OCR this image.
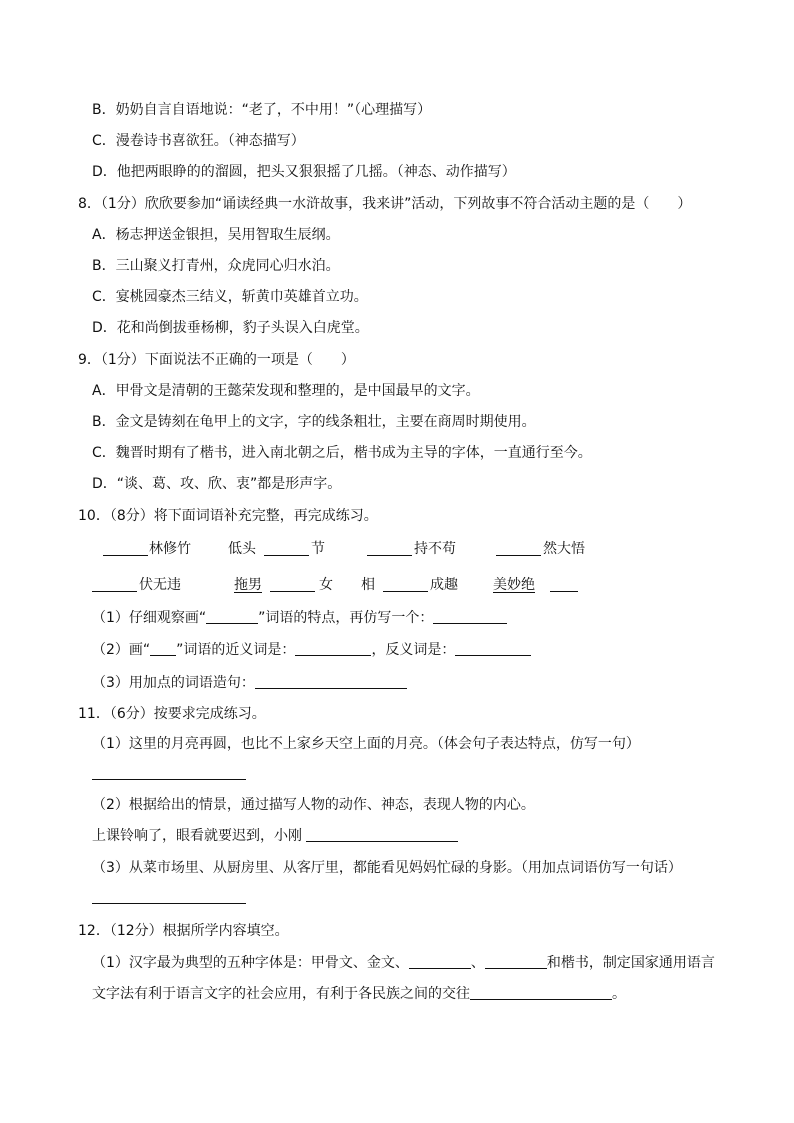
B．奶奶自言自语地说：“老了，不中用！”（心理描写）
C．漫卷诗书喜欲狂。（神态描写）
D．他把两眼睁的的溜圆，把头又狠狠摇了几摇。（神态、动作描写）
8．（1分）欣欣要参加“诵读经典一水浒故事，我来讲”活动，下列故事不符合活动主题的是（　　）
A．杨志押送金银担，吴用智取生辰纲。
B．三山聚义打青州，众虎同心归水泊。
C．宴桃园豪杰三结义，斩黄巾英雄首立功。
D．花和尚倒拔垂杨柳，豹子头误入白虎堂。
9．（1分）下面说法不正确的一项是（　　）
A．甲骨文是清朝的王懿荣发现和整理的，是中国最早的文字。
B．金文是铸刻在龟甲上的文字，字的线条粗壮，主要在商周时期使用。
C．魏晋时期有了楷书，进入南北朝之后，楷书成为主导的字体，一直通行至今。
D．“谈、葛、攻、欣、衷”都是形声字。
10．（8分）将下面词语补充完整，再完成练习。
林修竹	低头	节	持不苟	然大悟
伏无违	拖男	女 相	成趣	美妙绝
（1）仔细观察画“	”词语的特点，再仿写一个：
（2）画“ ”词语的近义词是：	，反义词是：
（3）用加点的词语造句：
11．（6分）按要求完成练习。
（1）这里的月亮再圆，也比不上家乡天空上面的月亮。（体会句子表达特点，仿写一句）
（2）根据给出的情景，通过描写人物的动作、神态，表现人物的内心。
上课铃响了，眼看就要迟到，小刚
（3）从菜市场里、从厨房里、从客厅里，都能看见妈妈忙碌的身影。（用加点词语仿写一句话）
12．（12分）根据所学内容填空。
（1）汉字最为典型的五种字体是：甲骨文、金文、	、	和楷书，制定国家通用语言
文字法有利于语言文字的社会应用，有利于各民族之间的交往	。
